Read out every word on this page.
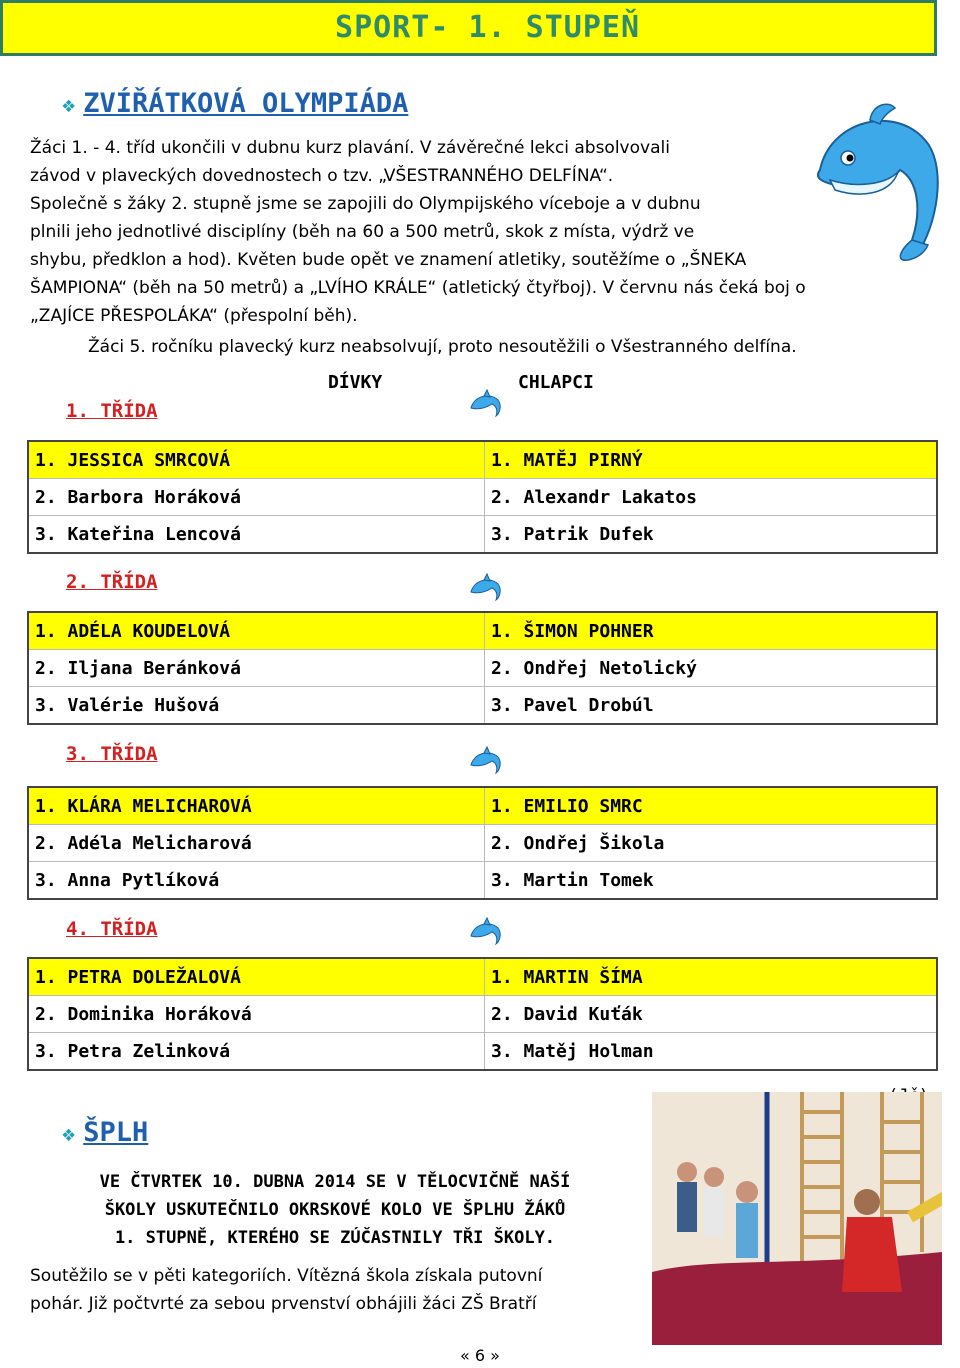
SPORT- 1. STUPEŇ
❖ ZVÍŘÁTKOVÁ OLYMPIÁDA
Žáci 1. - 4. tříd ukončili v dubnu kurz plavání. V závěrečné lekci absolvovali
závod v plaveckých dovednostech o tzv. „VŠESTRANNÉHO DELFÍNA“.
Společně s žáky 2. stupně jsme se zapojili do Olympijského víceboje a v dubnu
plnili jeho jednotlivé disciplíny (běh na 60 a 500 metrů, skok z místa, výdrž ve
shybu, předklon a hod). Květen bude opět ve znamení atletiky, soutěžíme o „ŠNEKA
ŠAMPIONA“ (běh na 50 metrů) a „LVÍHO KRÁLE“ (atletický čtyřboj). V červnu nás čeká boj o
„ZAJÍCE PŘESPOLÁKA“ (přespolní běh).
Žáci 5. ročníku plavecký kurz neabsolvují, proto nesoutěžili o Všestranného delfína.
DÍVKY	CHLAPCI
1. TŘÍDA
1. JESSICA SMRCOVÁ	1. MATĚJ PIRNÝ
2. Barbora Horáková	2. Alexandr Lakatos
3. Kateřina Lencová	3. Patrik Dufek
2. TŘÍDA
1. ADÉLA KOUDELOVÁ	1. ŠIMON POHNER
2. Iljana Beránková	2. Ondřej Netolický
3. Valérie Hušová	3. Pavel Drobúl
3. TŘÍDA
1. KLÁRA MELICHAROVÁ	1. EMILIO SMRC
2. Adéla Melicharová	2. Ondřej Šikola
3. Anna Pytlíková	3. Martin Tomek
4. TŘÍDA
1. PETRA DOLEŽALOVÁ	1. MARTIN ŠÍMA
2. Dominika Horáková	2. David Kuťák
3. Petra Zelinková	3. Matěj Holman
❖ ŠPLH
VE ČTVRTEK 10. DUBNA 2014 SE V TĚLOCVIČNĚ NAŠÍ
ŠKOLY USKUTEČNILO OKRSKOVÉ KOLO VE ŠPLHU ŽÁKŮ
1. STUPNĚ, KTERÉHO SE ZÚČASTNILY TŘI ŠKOLY.
Soutěžilo se v pěti kategoriích. Vítězná škola získala putovní
pohár. Již počtvrté za sebou prvenství obhájili žáci ZŠ Bratří
« 6 »
